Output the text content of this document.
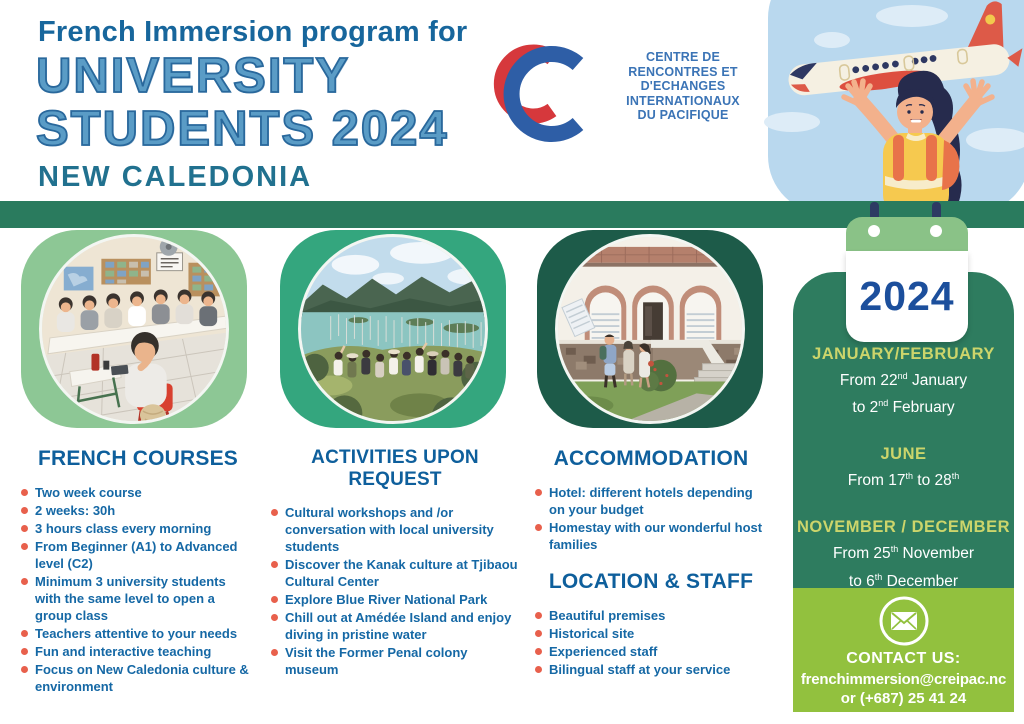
French Immersion program for
UNIVERSITY
STUDENTS 2024
NEW CALEDONIA
CENTRE DE
RENCONTRES ET
D'ECHANGES
INTERNATIONAUX
DU PACIFIQUE
2024
FRENCH COURSES
Two week course
2 weeks: 30h
3 hours class every morning
From Beginner (A1) to Advanced level (C2)
Minimum 3 university students with the same level to open a group class
Teachers attentive to your needs
Fun and interactive teaching
Focus on New Caledonia culture & environment
ACTIVITIES UPON REQUEST
Cultural workshops and /or conversation with local university students
Discover the Kanak culture at Tjibaou Cultural Center
Explore Blue River National Park
Chill out at Amédée Island and enjoy diving in pristine water
Visit the Former Penal colony museum
ACCOMMODATION
Hotel: different hotels depending on your budget
Homestay with our wonderful host families
LOCATION & STAFF
Beautiful premises
Historical site
Experienced staff
Bilingual staff at your service
JANUARY/FEBRUARY
From 22nd January
to 2nd February
JUNE
From 17th to 28th
NOVEMBER / DECEMBER
From 25th November
to 6th December
CONTACT US:
frenchimmersion@creipac.nc
or (+687) 25 41 24
